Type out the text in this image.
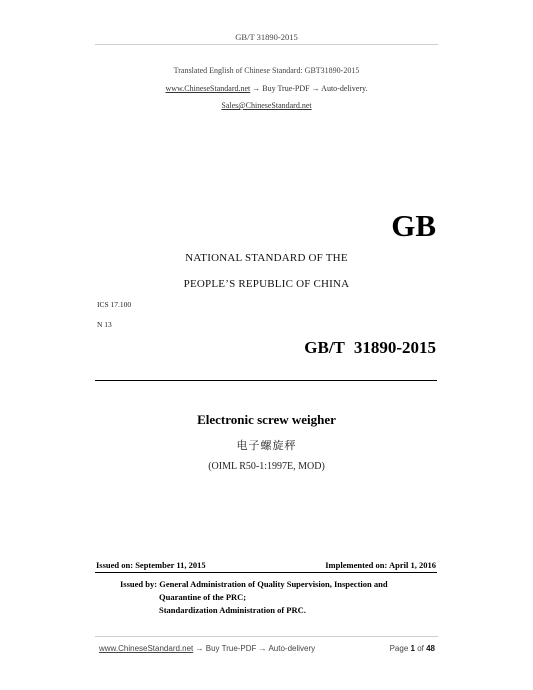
GB/T 31890-2015
Translated English of Chinese Standard: GBT31890-2015
www.ChineseStandard.net → Buy True-PDF → Auto-delivery.
Sales@ChineseStandard.net
GB
NATIONAL STANDARD OF THE
PEOPLE’S REPUBLIC OF CHINA
ICS 17.100
N 13
GB/T 31890-2015
Electronic screw weigher
电子螺旋秤
(OIML R50-1:1997E, MOD)
Issued on: September 11, 2015	Implemented on: April 1, 2016
Issued by: General Administration of Quality Supervision, Inspection and
Quarantine of the PRC;
Standardization Administration of PRC.
www.ChineseStandard.net → Buy True-PDF → Auto-delivery	Page 1 of 48
